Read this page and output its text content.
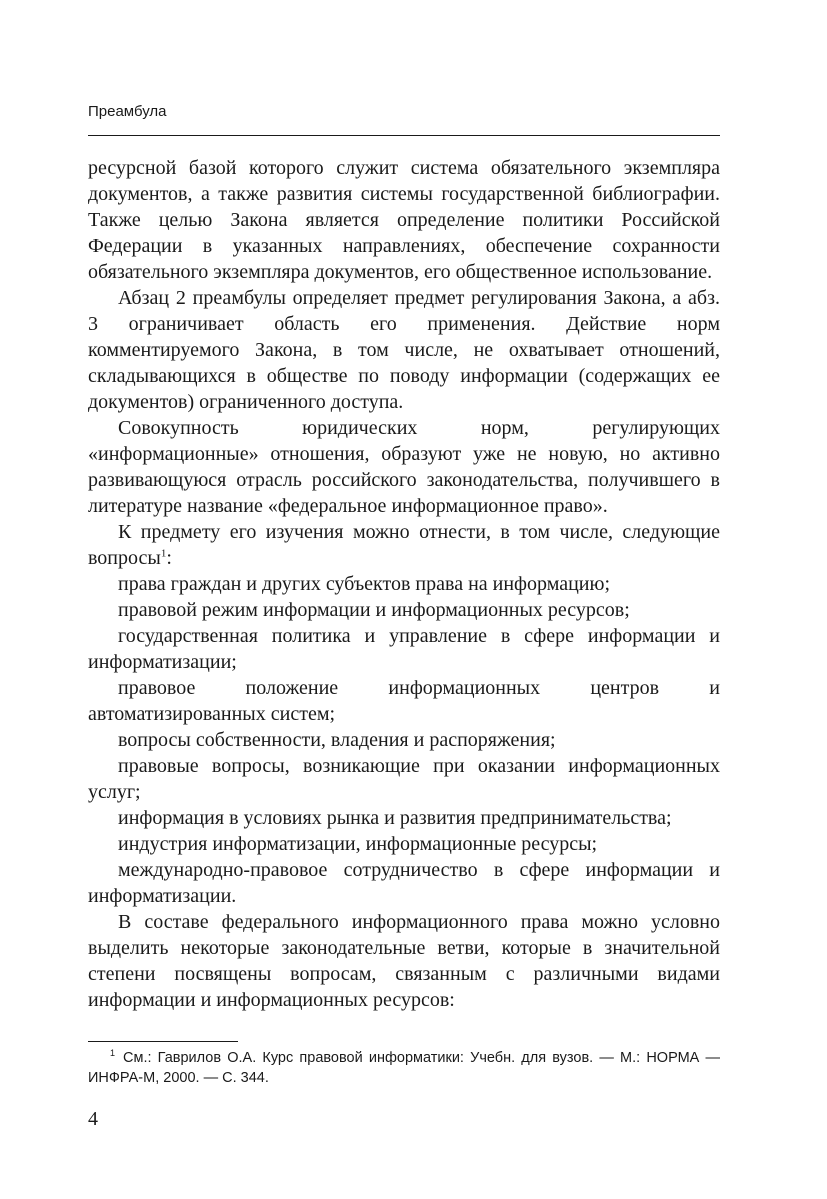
Преамбула

ресурсной базой которого служит система обязательного экземпляра документов, а также развития системы государственной библиографии. Также целью Закона является определение политики Российской Федерации в указанных направлениях, обеспечение сохранности обязательного экземпляра документов, его общественное использование.

Абзац 2 преамбулы определяет предмет регулирования Закона, а абз. 3 ограничивает область его применения. Действие норм комментируемого Закона, в том числе, не охватывает отношений, складывающихся в обществе по поводу информации (содержащих ее документов) ограниченного доступа.

Совокупность юридических норм, регулирующих «информационные» отношения, образуют уже не новую, но активно развивающуюся отрасль российского законодательства, получившего в литературе название «федеральное информационное право».

К предмету его изучения можно отнести, в том числе, следующие вопросы$^1$:

права граждан и других субъектов права на информацию;

правовой режим информации и информационных ресурсов;

государственная политика и управление в сфере информации и информатизации;

правовое положение информационных центров и автоматизированных систем;

вопросы собственности, владения и распоряжения;

правовые вопросы, возникающие при оказании информационных услуг;

информация в условиях рынка и развития предпринимательства;

индустрия информатизации, информационные ресурсы;

международно-правовое сотрудничество в сфере информации и информатизации.

В составе федерального информационного права можно условно выделить некоторые законодательные ветви, которые в значительной степени посвящены вопросам, связанным с различными видами информации и информационных ресурсов:

$^1$ См.: Гаврилов О.А. Курс правовой информатики: Учебн. для вузов. — М.: НОРМА — ИНФРА-М, 2000. — С. 344.
4
